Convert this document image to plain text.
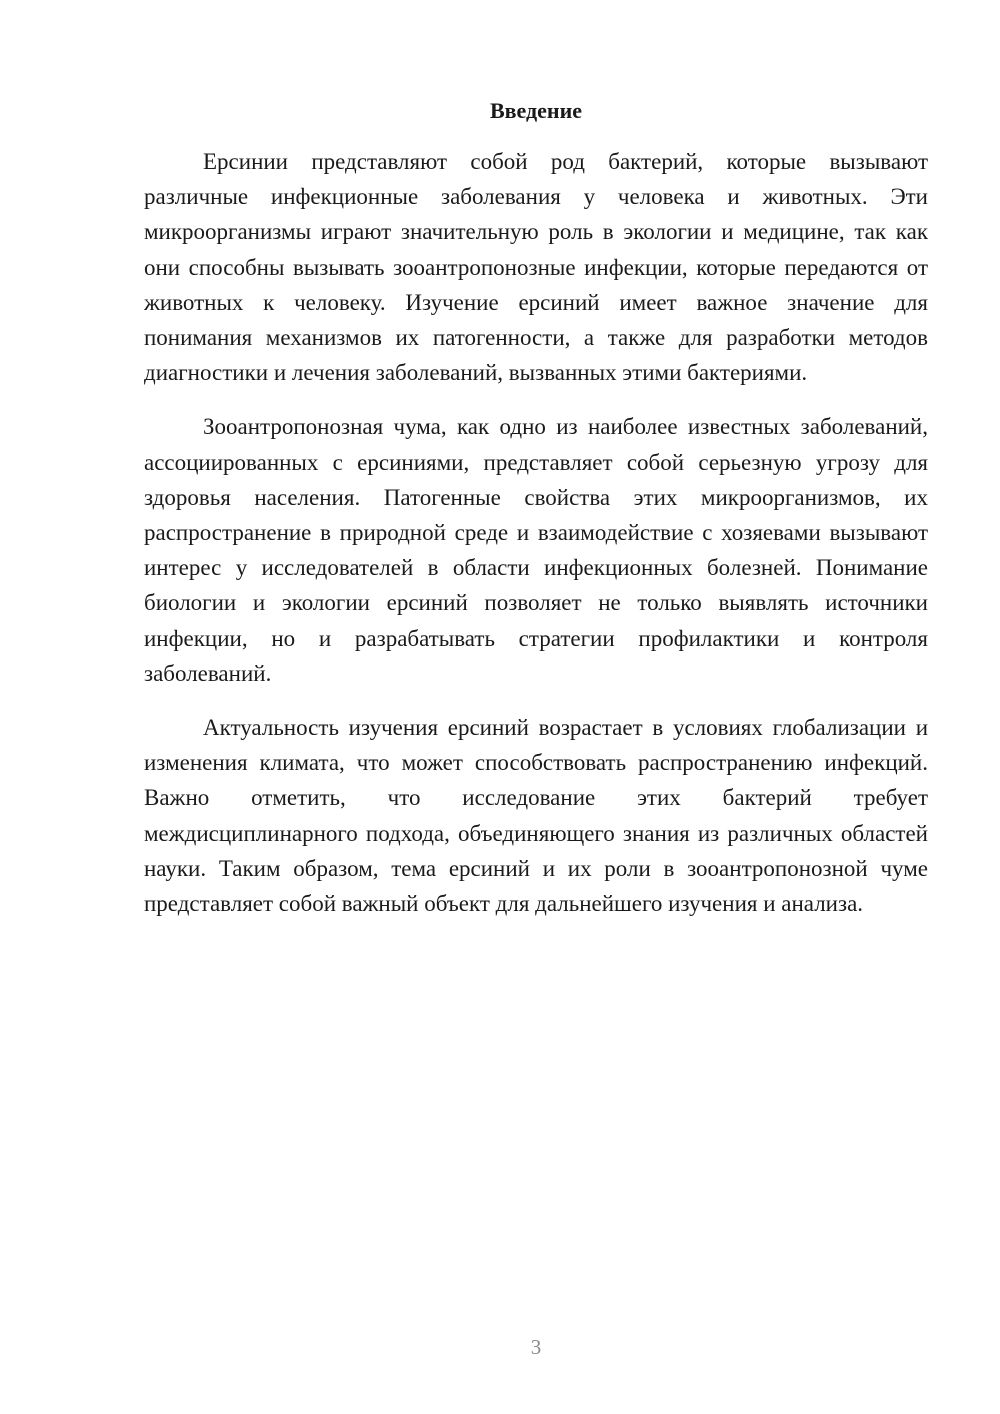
Введение

Ерсинии представляют собой род бактерий, которые вызывают различные инфекционные заболевания у человека и животных. Эти микроорганизмы играют значительную роль в экологии и медицине, так как они способны вызывать зооантропонозные инфекции, которые передаются от животных к человеку. Изучение ерсиний имеет важное значение для понимания механизмов их патогенности, а также для разработки методов диагностики и лечения заболеваний, вызванных этими бактериями.

Зооантропонозная чума, как одно из наиболее известных заболеваний, ассоциированных с ерсиниями, представляет собой серьезную угрозу для здоровья населения. Патогенные свойства этих микроорганизмов, их распространение в природной среде и взаимодействие с хозяевами вызывают интерес у исследователей в области инфекционных болезней. Понимание биологии и экологии ерсиний позволяет не только выявлять источники инфекции, но и разрабатывать стратегии профилактики и контроля заболеваний.

Актуальность изучения ерсиний возрастает в условиях глобализации и изменения климата, что может способствовать распространению инфекций. Важно отметить, что исследование этих бактерий требует междисциплинарного подхода, объединяющего знания из различных областей науки. Таким образом, тема ерсиний и их роли в зооантропонозной чуме представляет собой важный объект для дальнейшего изучения и анализа.

3
